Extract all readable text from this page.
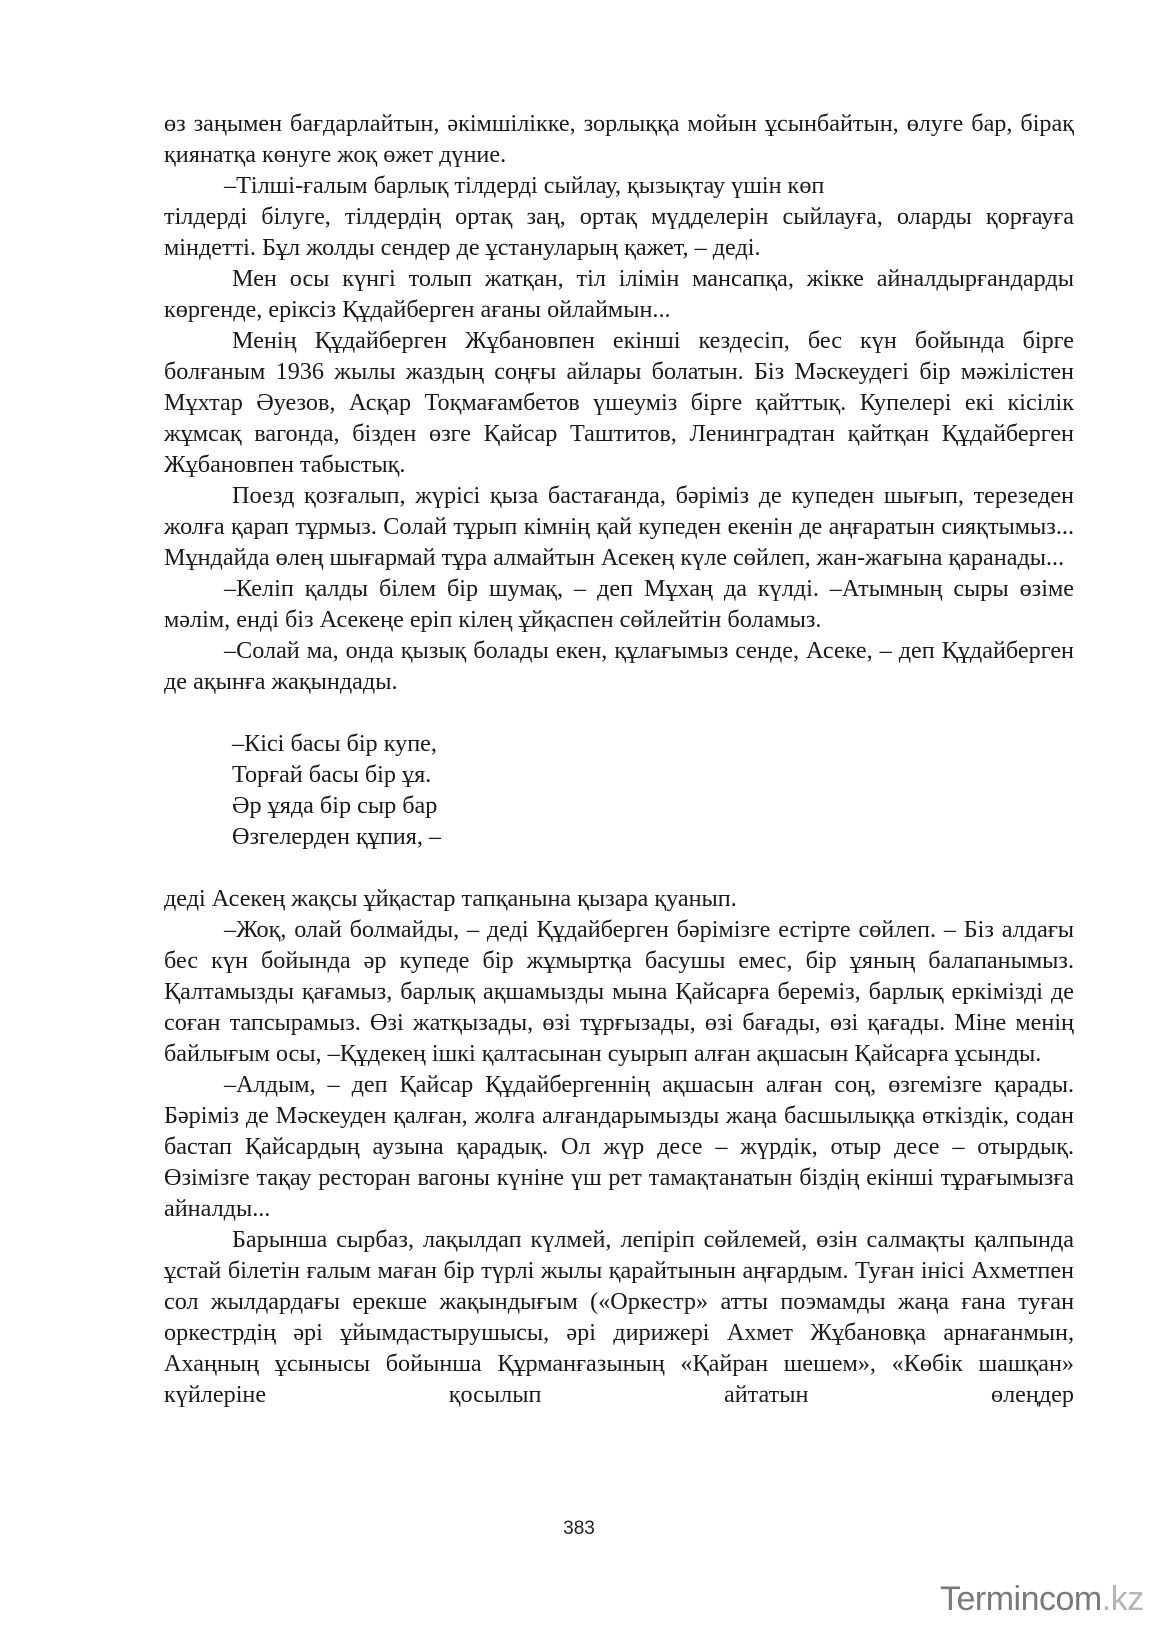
өз заңымен бағдарлайтын, әкімшілікке, зорлыққа мойын ұсынбайтын, өлуге бар, бірақ қиянатқа көнуге жоқ өжет дүние.

–Тілші-ғалым барлық тілдерді сыйлау, қызықтау үшін көп

тілдерді білуге, тілдердің ортақ заң, ортақ мүдделерін сыйлауға, оларды қорғауға міндетті. Бұл жолды сендер де ұстануларың қажет, – деді.

Мен осы күнгі толып жатқан, тіл ілімін мансапқа, жікке айналдырғандарды көргенде, еріксіз Құдайберген ағаны ойлаймын...

Менің Құдайберген Жұбановпен екінші кездесіп, бес күн бойында бірге болғаным 1936 жылы жаздың соңғы айлары болатын. Біз Мәскеудегі бір мәжілістен Мұхтар Әуезов, Асқар Тоқмағамбетов үшеуміз бірге қайттық. Купелері екі кісілік жұмсақ вагонда, бізден өзге Қайсар Таштитов, Ленинградтан қайтқан Құдайберген Жұбановпен табыстық.

Поезд қозғалып, жүрісі қыза бастағанда, бәріміз де купеден шығып, терезеден жолға қарап тұрмыз. Солай тұрып кімнің қай купеден екенін де аңғаратын сияқтымыз... Мұндайда өлең шығармай тұра алмайтын Асекең күле сөйлеп, жан-жағына қаранады...

–Келіп қалды білем бір шумақ, – деп Мұхаң да күлді. –Атымның сыры өзіме мәлім, енді біз Асекеңе еріп кілең ұйқаспен сөйлейтін боламыз.

–Солай ма, онда қызық болады екен, құлағымыз сенде, Асеке, – деп Құдайберген де ақынға жақындады.

–Кісі басы бір купе,
Торғай басы бір ұя.
Әр ұяда бір сыр бар
Өзгелерден құпия, –

деді Асекең жақсы ұйқастар тапқанына қызара қуанып.

–Жоқ, олай болмайды, – деді Құдайберген бәрімізге естірте сөйлеп. – Біз алдағы бес күн бойында әр купеде бір жұмыртқа басушы емес, бір ұяның балапанымыз. Қалтамызды қағамыз, барлық ақшамызды мына Қайсарға береміз, барлық еркімізді де соған тапсырамыз. Өзі жатқызады, өзі тұрғызады, өзі бағады, өзі қағады. Міне менің байлығым осы, –Құдекең ішкі қалтасынан суырып алған ақшасын Қайсарға ұсынды.

–Алдым, – деп Қайсар Құдайбергеннің ақшасын алған соң, өзгемізге қарады. Бәріміз де Мәскеуден қалған, жолға алғандарымызды жаңа басшылыққа өткіздік, содан бастап Қайсардың аузына қарадық. Ол жүр десе – жүрдік, отыр десе – отырдық. Өзімізге тақау ресторан вагоны күніне үш рет тамақтанатын біздің екінші тұрағымызға айналды...

Барынша сырбаз, лақылдап күлмей, лепіріп сөйлемей, өзін салмақты қалпында ұстай білетін ғалым маған бір түрлі жылы қарайтынын аңғардым. Туған інісі Ахметпен сол жылдардағы ерекше жақындығым («Оркестр» атты поэмамды жаңа ғана туған оркестрдің әрі ұйымдастырушысы, әрі дирижері Ахмет Жұбановқа арнағанмын, Ахаңның ұсынысы бойынша Құрманғазының «Қайран шешем», «Көбік шашқан» күйлеріне қосылып айтатын өлеңдер

383
Termincom.kz
